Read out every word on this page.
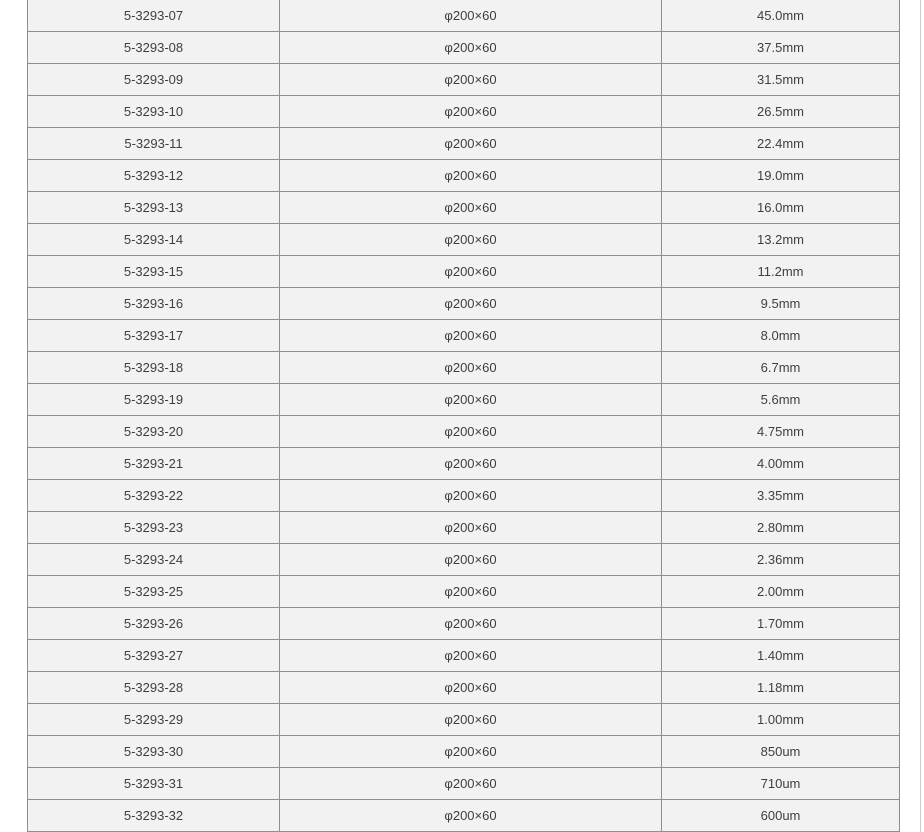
5-3293-07	φ200×60	45.0mm
5-3293-08	φ200×60	37.5mm
5-3293-09	φ200×60	31.5mm
5-3293-10	φ200×60	26.5mm
5-3293-11	φ200×60	22.4mm
5-3293-12	φ200×60	19.0mm
5-3293-13	φ200×60	16.0mm
5-3293-14	φ200×60	13.2mm
5-3293-15	φ200×60	11.2mm
5-3293-16	φ200×60	9.5mm
5-3293-17	φ200×60	8.0mm
5-3293-18	φ200×60	6.7mm
5-3293-19	φ200×60	5.6mm
5-3293-20	φ200×60	4.75mm
5-3293-21	φ200×60	4.00mm
5-3293-22	φ200×60	3.35mm
5-3293-23	φ200×60	2.80mm
5-3293-24	φ200×60	2.36mm
5-3293-25	φ200×60	2.00mm
5-3293-26	φ200×60	1.70mm
5-3293-27	φ200×60	1.40mm
5-3293-28	φ200×60	1.18mm
5-3293-29	φ200×60	1.00mm
5-3293-30	φ200×60	850um
5-3293-31	φ200×60	710um
5-3293-32	φ200×60	600um
